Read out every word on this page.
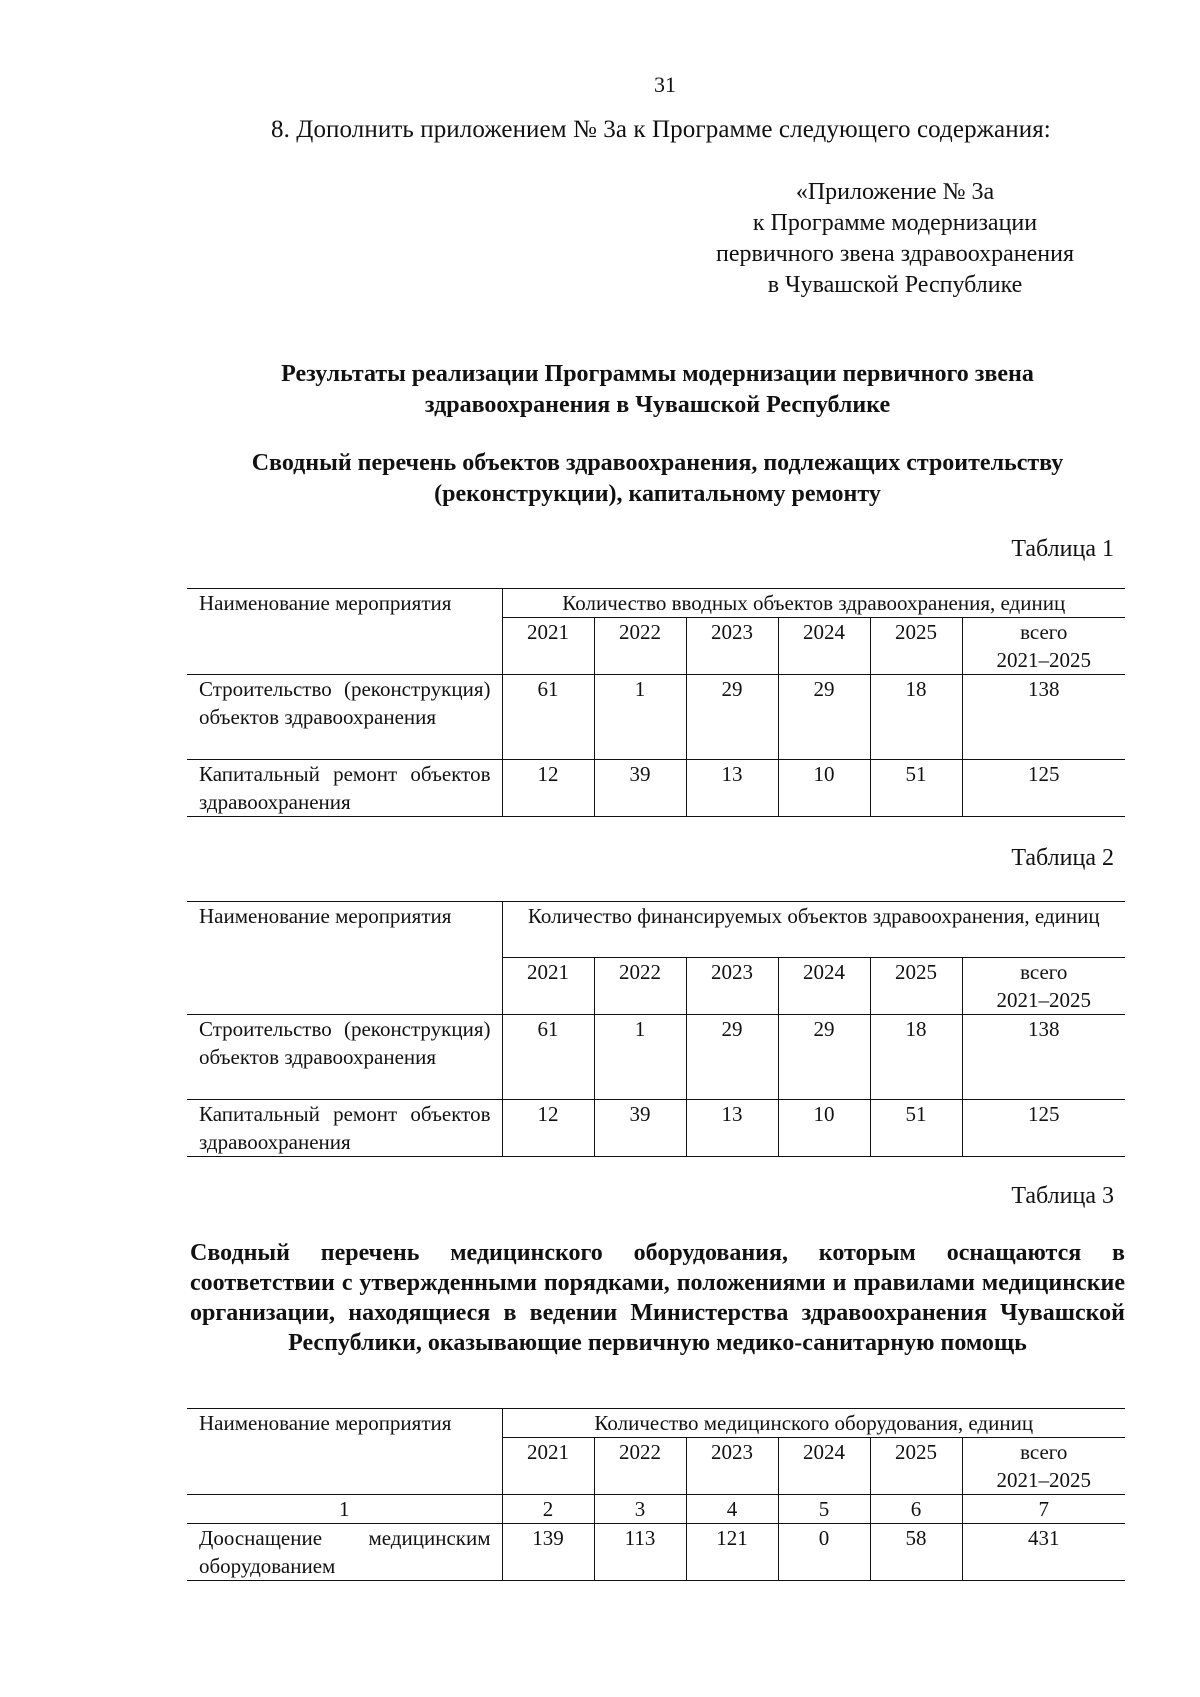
31
8. Дополнить приложением № 3а к Программе следующего содержания:
«Приложение № 3а
к Программе модернизации
первичного звена здравоохранения
в Чувашской Республике
Результаты реализации Программы модернизации первичного звена здравоохранения в Чувашской Республике
Сводный перечень объектов здравоохранения, подлежащих строительству (реконструкции), капитальному ремонту
Таблица 1
Наименование мероприятия	Количество вводных объектов здравоохранения, единиц					
	2021	2022	2023	2024	2025	всего
2021–2025

Строительство (реконструкция) объектов здравоохранения	61	1	29	29	18	138
Капитальный ремонт объектов здравоохранения	12	39	13	10	51	125
Таблица 2
Наименование мероприятия	Количество финансируемых объектов здравоохранения, единиц					
	2021	2022	2023	2024	2025	всего
2021–2025

Строительство (реконструкция) объектов здравоохранения	61	1	29	29	18	138
Капитальный ремонт объектов здравоохранения	12	39	13	10	51	125
Таблица 3
Сводный перечень медицинского оборудования, которым оснащаются в соответствии с утвержденными порядками, положениями и правилами медицинские организации, находящиеся в ведении Министерства здравоохранения Чувашской Республики, оказывающие первичную медико-санитарную помощь
Наименование мероприятия	Количество медицинского оборудования, единиц					
	2021	2022	2023	2024	2025	всего
2021–2025

1	2	3	4	5	6	7
Дооснащение медицинским оборудованием	139	113	121	0	58	431
